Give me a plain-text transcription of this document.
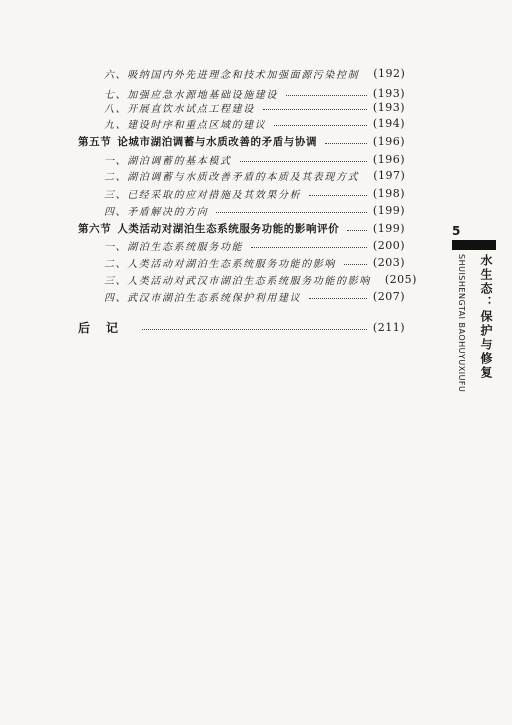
六、吸纳国内外先进理念和技术加强面源污染控制 (192)
七、加强应急水源地基础设施建设	(193)
八、开展直饮水试点工程建设	(193)
九、建设时序和重点区域的建议	(194)
第五节 论城市湖泊调蓄与水质改善的矛盾与协调	(196)
一、湖泊调蓄的基本模式	(196)
二、湖泊调蓄与水质改善矛盾的本质及其表现方式 (197)
三、已经采取的应对措施及其效果分析	(198)
四、矛盾解决的方向	(199)
第六节 人类活动对湖泊生态系统服务功能的影响评价	(199)
一、湖泊生态系统服务功能	(200)
二、人类活动对湖泊生态系统服务功能的影响	(203)
三、人类活动对武汉市湖泊生态系统服务功能的影响 (205)
四、武汉市湖泊生态系统保护利用建议	(207)
后记	(211)
5
水生态：保护与修复
SHUISHENGTAI BAOHUYUXIUFU
